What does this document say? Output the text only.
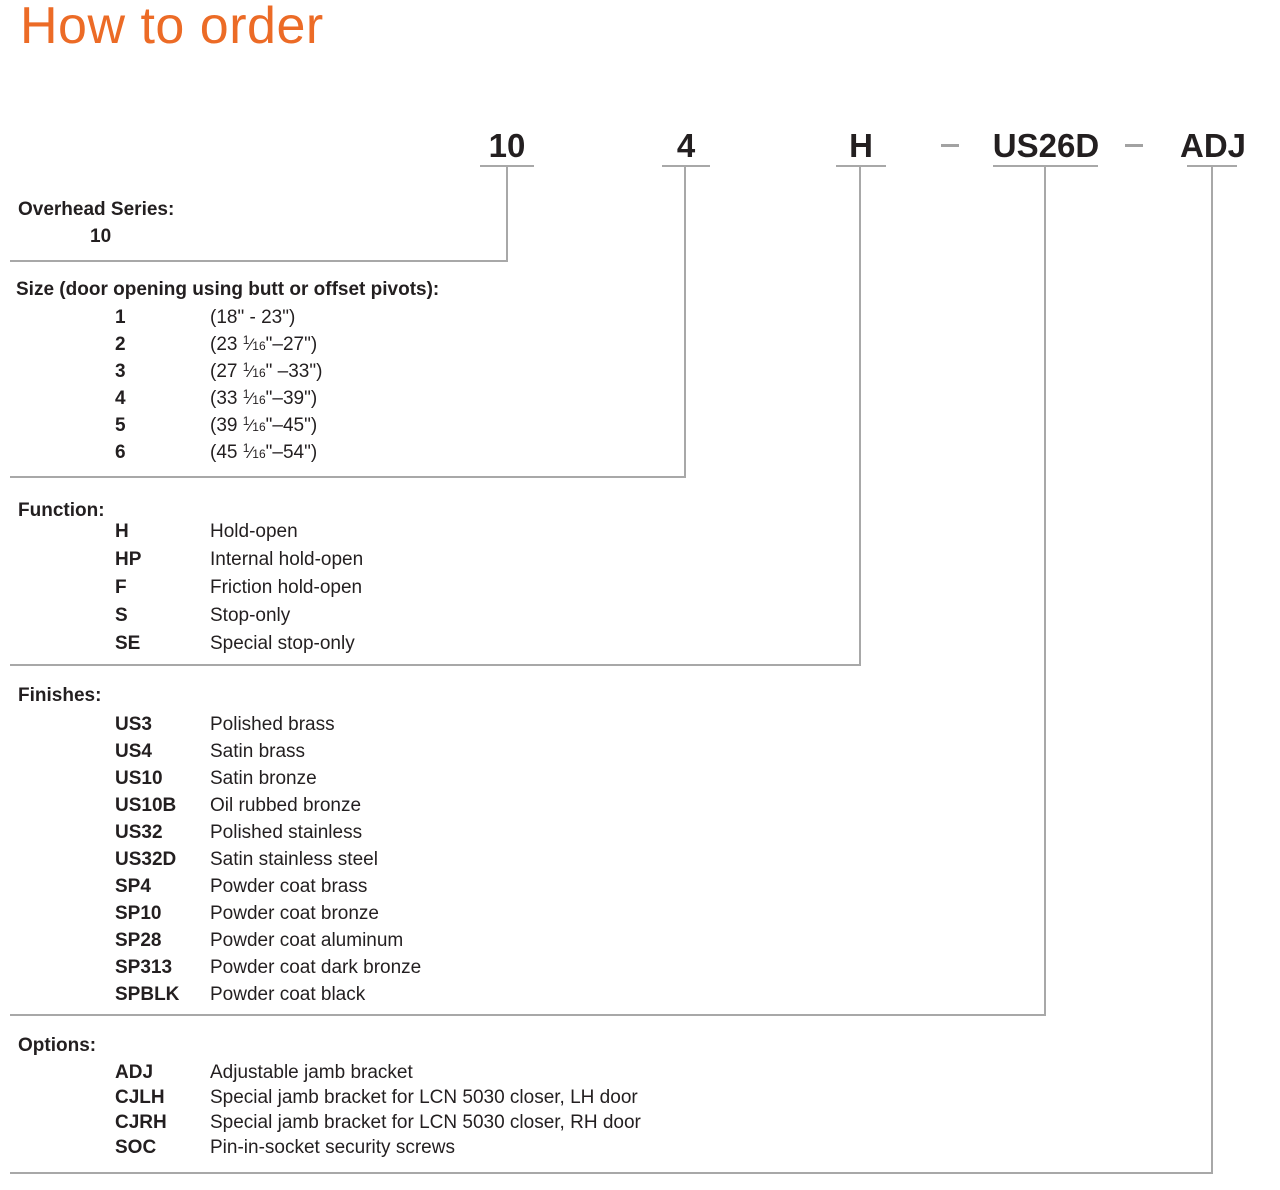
How to order
10	4	H	US26D ADJ
Overhead Series:
Size (door opening using butt or offset pivots):
Function:
Finishes:
Options:
10
1	(18" - 23")
2	(23 $^1$⁄16"–27")
3	(27 $^1$⁄16" –33")
4	(33 $^1$⁄16"–39")
5	(39 $^1$⁄16"–45")
6	(45 $^1$⁄16"–54")
H	Hold-open
HP	Internal hold-open
F	Friction hold-open
S	Stop-only
SE	Special stop-only
US3	Polished brass
US4	Satin brass
US10 Satin bronze
US10B Oil rubbed bronze
US32 Polished stainless
US32D Satin stainless steel
SP4	Powder coat brass
SP10	Powder coat bronze
SP28	Powder coat aluminum
SP313 Powder coat dark bronze
SPBLK Powder coat black
ADJ	Adjustable jamb bracket
CJLH Special jamb bracket for LCN 5030 closer, LH door
CJRH Special jamb bracket for LCN 5030 closer, RH door
SOC	Pin-in-socket security screws
